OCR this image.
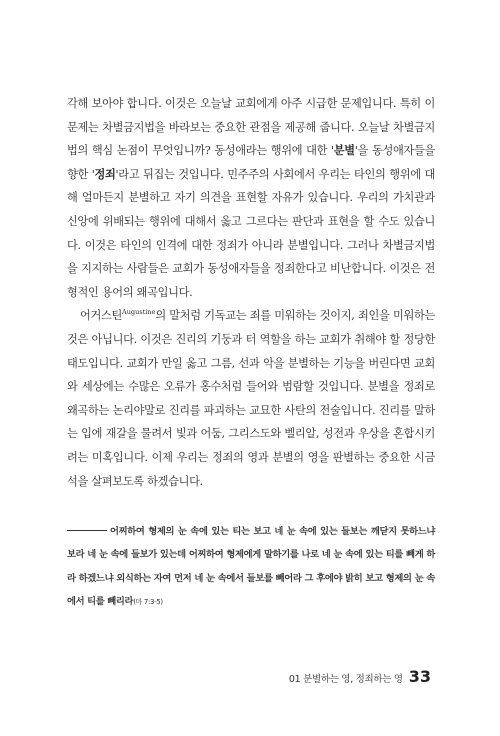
각해 보아야 합니다. 이것은 오늘날 교회에게 아주 시급한 문제입니다. 특히 이 문제는 차별금지법을 바라보는 중요한 관점을 제공해 줍니다. 오늘날 차별금지법의 핵심 논점이 무엇입니까? 동성애라는 행위에 대한 '분별'을 동성애자들을 향한 '정죄'라고 뒤집는 것입니다. 민주주의 사회에서 우리는 타인의 행위에 대해 얼마든지 분별하고 자기 의견을 표현할 자유가 있습니다. 우리의 가치관과 신앙에 위배되는 행위에 대해서 옳고 그르다는 판단과 표현을 할 수도 있습니다. 이것은 타인의 인격에 대한 정죄가 아니라 분별입니다. 그러나 차별금지법을 지지하는 사람들은 교회가 동성애자들을 정죄한다고 비난합니다. 이것은 전형적인 용어의 왜곡입니다.

어거스틴$^{Augustine}$의 말처럼 기독교는 죄를 미워하는 것이지, 죄인을 미워하는 것은 아닙니다. 이것은 진리의 기둥과 터 역할을 하는 교회가 취해야 할 정당한 태도입니다. 교회가 만일 옳고 그름, 선과 악을 분별하는 기능을 버린다면 교회와 세상에는 수많은 오류가 홍수처럼 들어와 범람할 것입니다. 분별을 정죄로 왜곡하는 논리야말로 진리를 파괴하는 교묘한 사탄의 전술입니다. 진리를 말하는 입에 재갈을 물려서 빛과 어둠, 그리스도와 벨리알, 성전과 우상을 혼합시키려는 미혹입니다. 이제 우리는 정죄의 영과 분별의 영을 판별하는 중요한 시금석을 살펴보도록 하겠습니다.

어찌하여 형제의 눈 속에 있는 티는 보고 네 눈 속에 있는 들보는 깨닫지 못하느냐 보라 네 눈 속에 들보가 있는데 어찌하여 형제에게 말하기를 나로 네 눈 속에 있는 티를 빼게 하라 하겠느냐 외식하는 자여 먼저 네 눈 속에서 들보를 빼어라 그 후에야 밝히 보고 형제의 눈 속에서 티를 빼리라(마 7:3-5)

01 분별하는 영, 정죄하는 영 33
